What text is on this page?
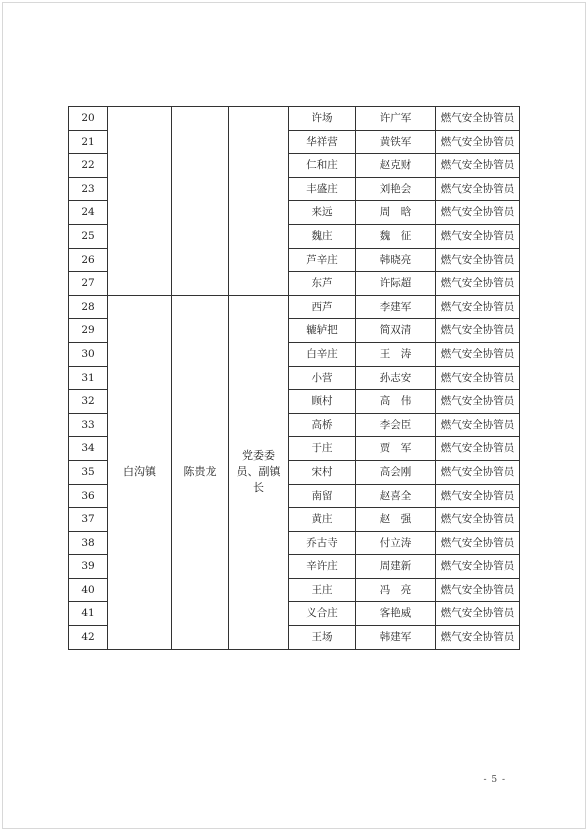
20				许场	许广军	燃气安全协管员
21				华祥营	黄铁军	燃气安全协管员
22				仁和庄	赵克财	燃气安全协管员
23				丰盛庄	刘艳会	燃气安全协管员
24				来远	周　晗	燃气安全协管员
25				魏庄	魏　征	燃气安全协管员
26				芦辛庄	韩晓亮	燃气安全协管员
27				东芦	许际超	燃气安全协管员
28	白沟镇	陈贵龙	党委委员、副镇长	西芦	李建军	燃气安全协管员
29				辘轳把	简双清	燃气安全协管员
30				白辛庄	王　涛	燃气安全协管员
31				小营	孙志安	燃气安全协管员
32				顾村	高　伟	燃气安全协管员
33				高桥	李会臣	燃气安全协管员
34				于庄	贾　军	燃气安全协管员
35				宋村	高会刚	燃气安全协管员
36				南留	赵喜全	燃气安全协管员
37				黄庄	赵　强	燃气安全协管员
38				乔古寺	付立涛	燃气安全协管员
39				辛许庄	周建新	燃气安全协管员
40				王庄	冯　亮	燃气安全协管员
41				义合庄	客艳威	燃气安全协管员
42				王场	韩建军	燃气安全协管员
- 5 -
